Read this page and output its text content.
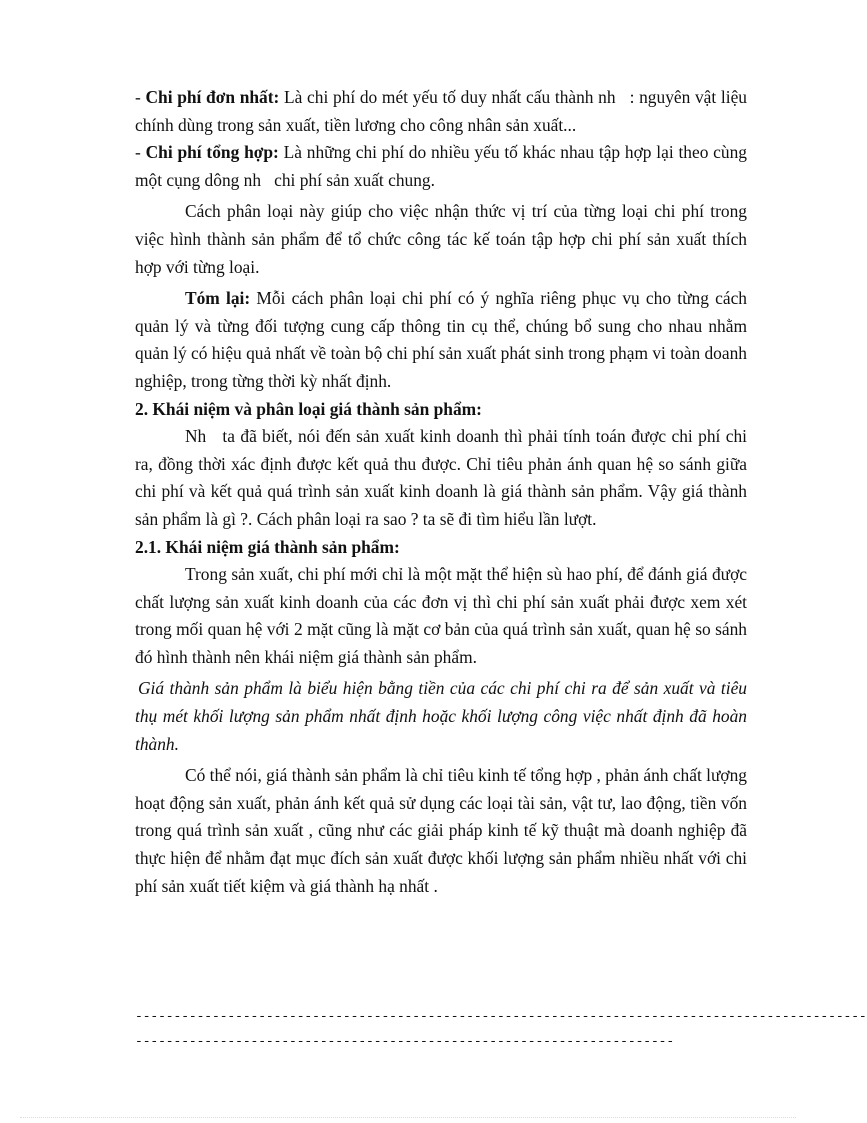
- Chi phí đơn nhất: Là chi phí do mét yếu tố duy nhất cấu thành nh   : nguyên vật liệu chính dùng trong sản xuất, tiền lương cho công nhân sản xuất...

- Chi phí tổng hợp: Là những chi phí do nhiều yếu tố khác nhau tập hợp lại theo cùng một cụng dông nh   chi phí sản xuất chung.

Cách phân loại này giúp cho việc nhận thức vị trí của từng loại chi phí trong việc hình thành sản phẩm để tổ chức công tác kế toán tập hợp chi phí sản xuất thích hợp với từng loại.

Tóm lại: Mỗi cách phân loại chi phí có ý nghĩa riêng phục vụ cho từng cách quản lý và từng đối tượng cung cấp thông tin cụ thể, chúng bổ sung cho nhau nhằm quản lý có hiệu quả nhất về toàn bộ chi phí sản xuất phát sinh trong phạm vi toàn doanh nghiệp, trong từng thời kỳ nhất định.

2. Khái niệm và phân loại giá thành sản phẩm:

Nh   ta đã biết, nói đến sản xuất kinh doanh thì phải tính toán được chi phí chi ra, đồng thời xác định được kết quả thu được. Chỉ tiêu phản ánh quan hệ so sánh giữa chi phí và kết quả quá trình sản xuất kinh doanh là giá thành sản phẩm. Vậy giá thành sản phẩm là gì ?. Cách phân loại ra sao ? ta sẽ đi tìm hiểu lần lượt.

2.1. Khái niệm giá thành sản phẩm:

Trong sản xuất, chi phí mới chỉ là một mặt thể hiện sù hao phí, để đánh giá được chất lượng sản xuất kinh doanh của các đơn vị thì chi phí sản xuất phải được xem xét trong mối quan hệ với 2 mặt cũng là mặt cơ bản của quá trình sản xuất, quan hệ so sánh đó hình thành nên khái niệm giá thành sản phẩm.

Giá thành sản phẩm là biểu hiện bằng tiền của các chi phí chi ra để sản xuất và tiêu thụ mét khối lượng sản phẩm nhất định hoặc khối lượng công việc nhất định đã hoàn thành.

Có thể nói, giá thành sản phẩm là chỉ tiêu kinh tế tổng hợp , phản ánh chất lượng hoạt động sản xuất, phản ánh kết quả sử dụng các loại tài sản, vật tư, lao động, tiền vốn trong quá trình sản xuất , cũng như các giải pháp kinh tế kỹ thuật mà doanh nghiệp đã thực hiện để nhằm đạt mục đích sản xuất được khối lượng sản phẩm nhiều nhất với chi phí sản xuất tiết kiệm và giá thành hạ nhất .

-----------------------------------------------------------------------------------------------
----------------------------------------------------------------------
